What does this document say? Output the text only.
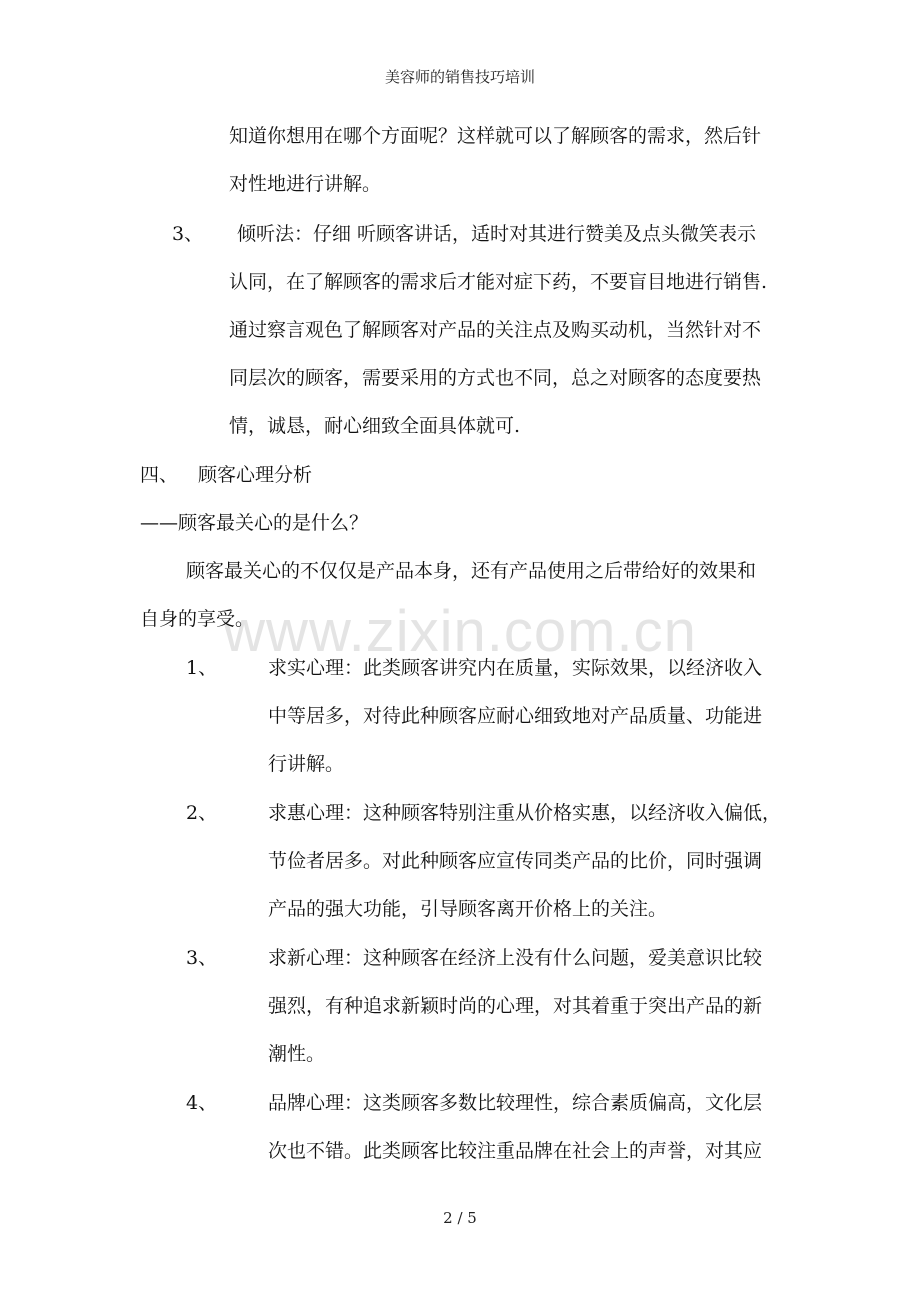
美容师的销售技巧培训
www.zixin.com.cn
知道你想用在哪个方面呢？这样就可以了解顾客的需求，然后针
对性地进行讲解。
3、 倾听法：仔细 听顾客讲话，适时对其进行赞美及点头微笑表示
认同，在了解顾客的需求后才能对症下药，不要盲目地进行销售.
通过察言观色了解顾客对产品的关注点及购买动机，当然针对不
同层次的顾客，需要采用的方式也不同，总之对顾客的态度要热
情，诚恳，耐心细致全面具体就可.
四、 顾客心理分析
——顾客最关心的是什么？
顾客最关心的不仅仅是产品本身，还有产品使用之后带给好的效果和
自身的享受。
1、	求实心理：此类顾客讲究内在质量，实际效果，以经济收入
中等居多，对待此种顾客应耐心细致地对产品质量、功能进
行讲解。
2、	求惠心理：这种顾客特别注重从价格实惠，以经济收入偏低，
节俭者居多。对此种顾客应宣传同类产品的比价，同时强调
产品的强大功能，引导顾客离开价格上的关注。
3、	求新心理：这种顾客在经济上没有什么问题，爱美意识比较
强烈，有种追求新颖时尚的心理，对其着重于突出产品的新
潮性。
4、	品牌心理：这类顾客多数比较理性，综合素质偏高，文化层
次也不错。此类顾客比较注重品牌在社会上的声誉，对其应
2 / 5
